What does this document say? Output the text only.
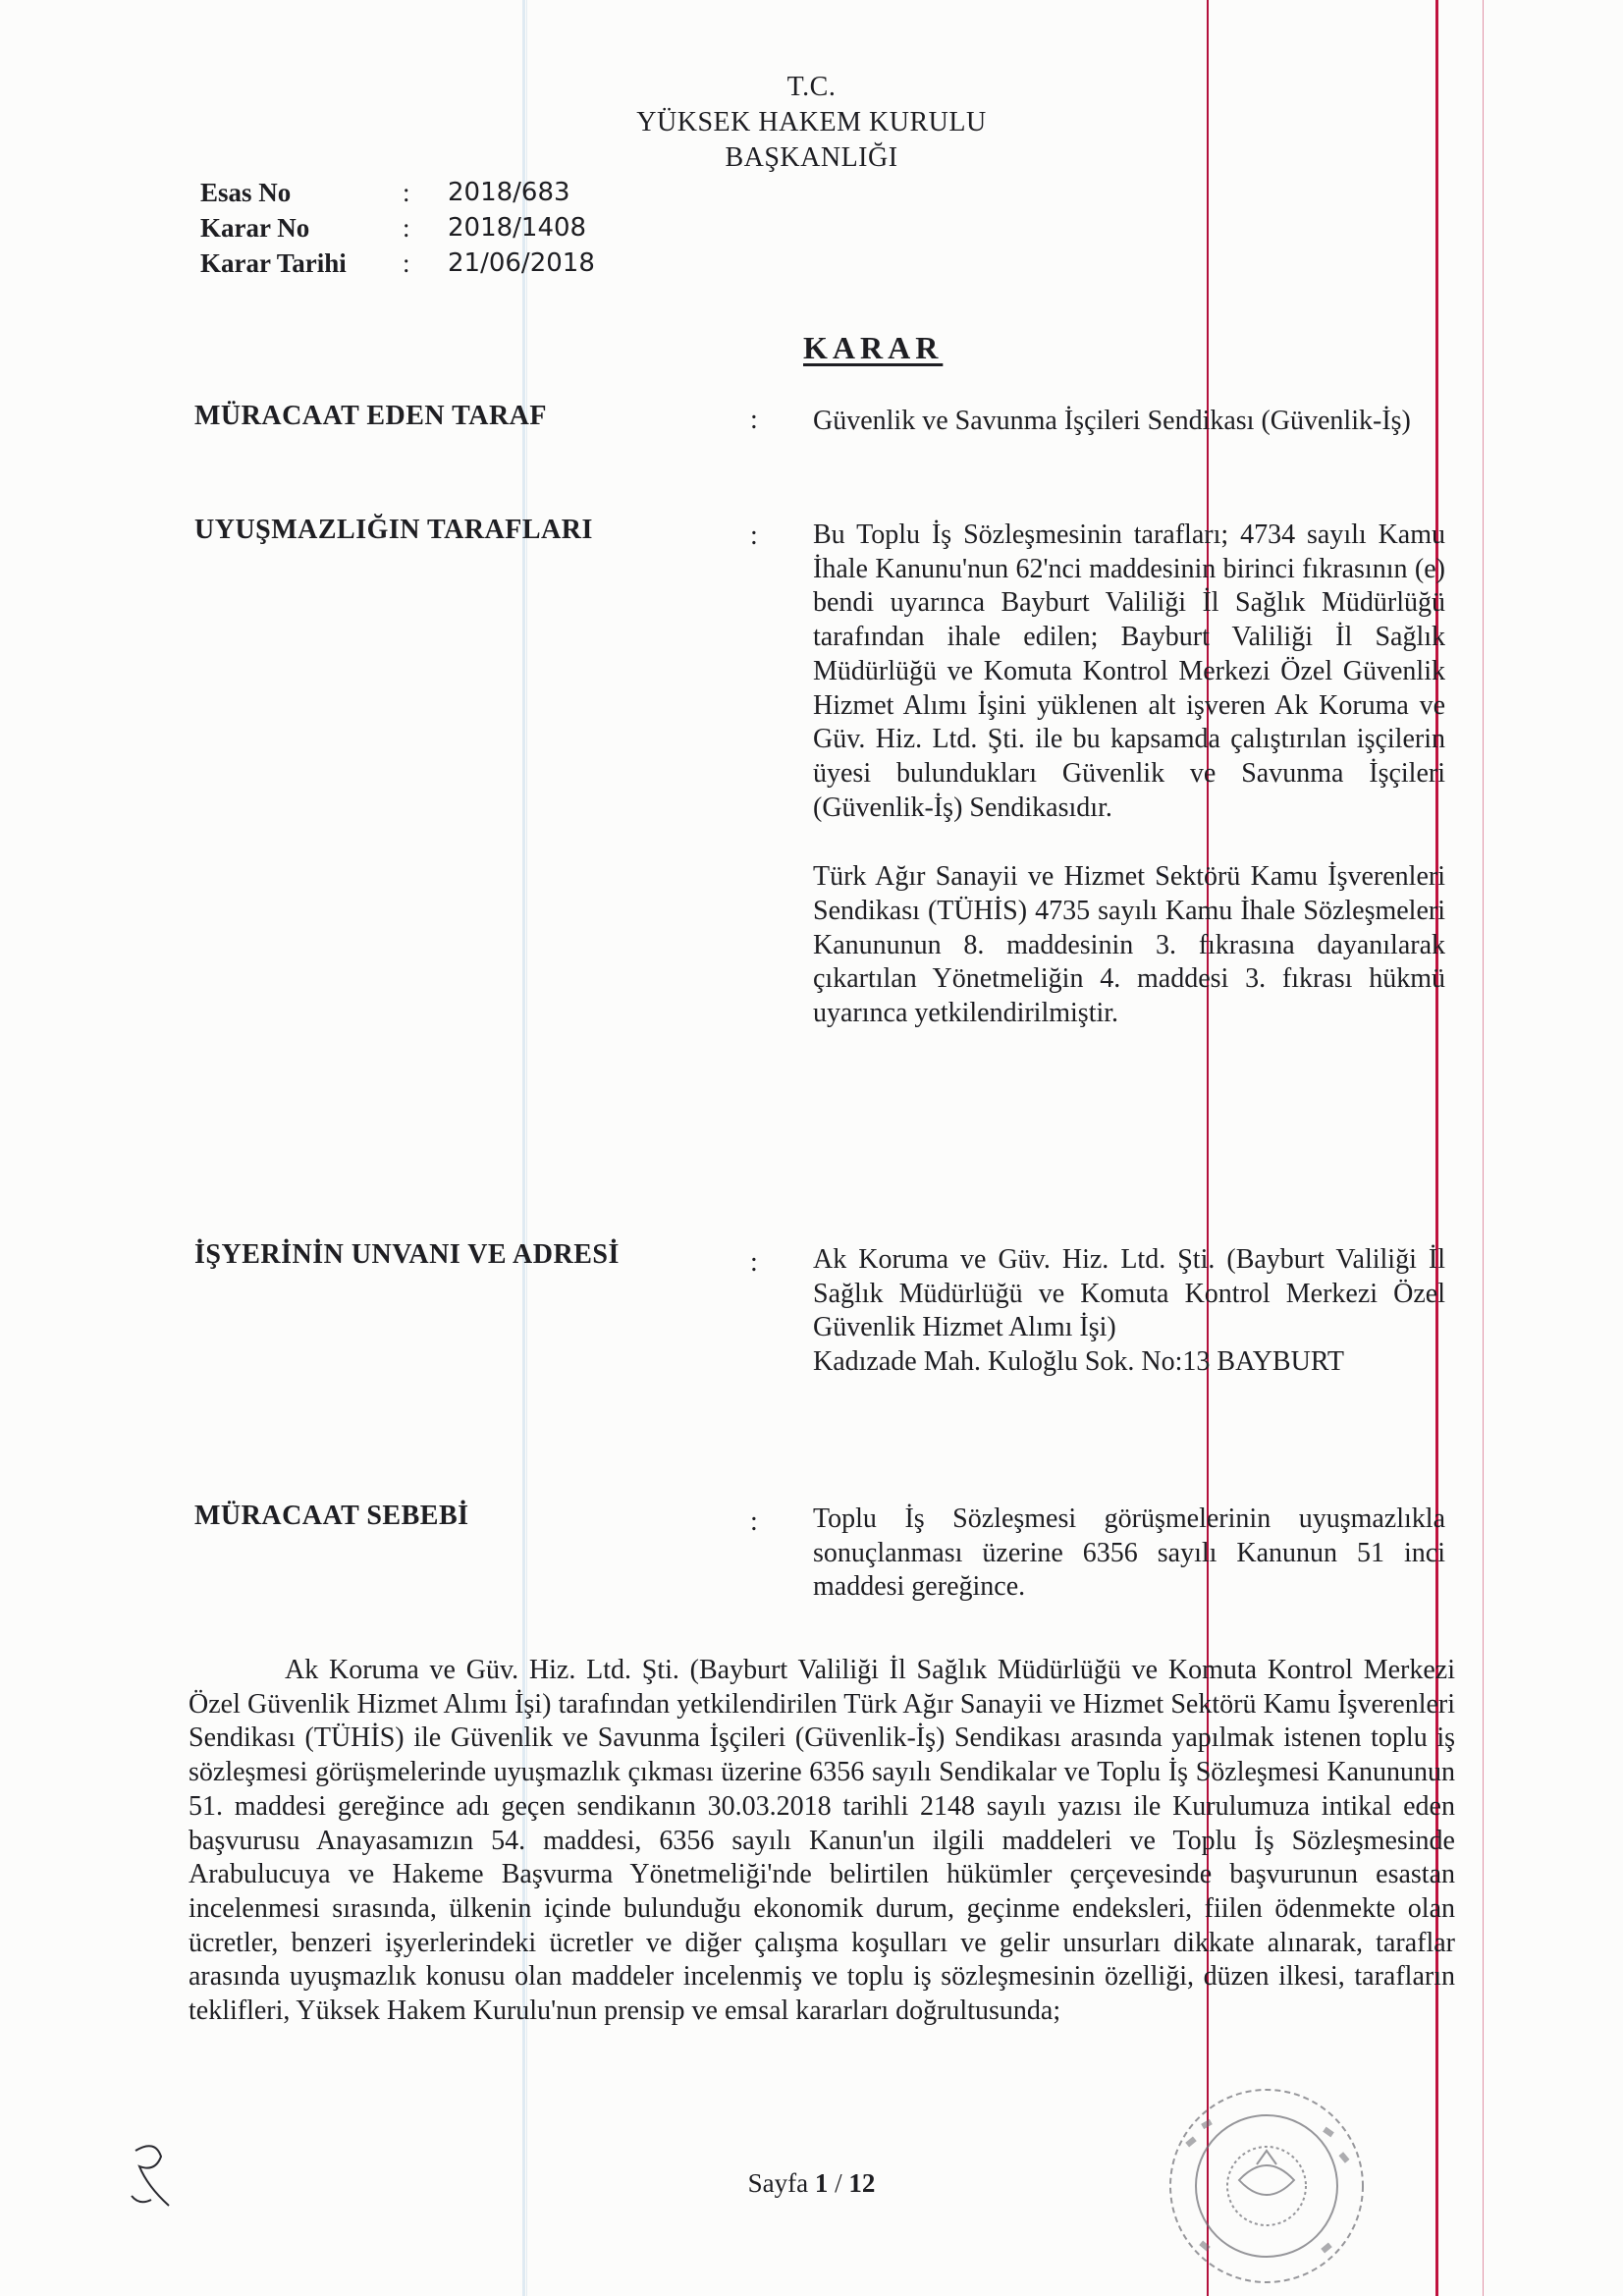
T.C.
YÜKSEK HAKEM KURULU
BAŞKANLIĞI
Esas No	: 2018/683
Karar No	: 2018/1408
Karar Tarihi : 21/06/2018
KARAR
MÜRACAAT EDEN TARAF	: Güvenlik ve Savunma İşçileri Sendikası (Güvenlik-İş)

UYUŞMAZLIĞIN TARAFLARI	: Bu Toplu İş Sözleşmesinin tarafları; 4734 sayılı Kamu İhale Kanunu'nun 62'nci maddesinin birinci fıkrasının (e) bendi uyarınca Bayburt Valiliği İl Sağlık Müdürlüğü tarafından ihale edilen; Bayburt Valiliği İl Sağlık Müdürlüğü ve Komuta Kontrol Merkezi Özel Güvenlik Hizmet Alımı İşini yüklenen alt işveren Ak Koruma ve Güv. Hiz. Ltd. Şti. ile bu kapsamda çalıştırılan işçilerin üyesi bulundukları Güvenlik ve Savunma İşçileri (Güvenlik-İş) Sendikasıdır.

Türk Ağır Sanayii ve Hizmet Sektörü Kamu İşverenleri Sendikası (TÜHİS) 4735 sayılı Kamu İhale Sözleşmeleri Kanununun 8. maddesinin 3. fıkrasına dayanılarak çıkartılan Yönetmeliğin 4. maddesi 3. fıkrası hükmü uyarınca yetkilendirilmiştir.

İŞYERİNİN UNVANI VE ADRESİ	: Ak Koruma ve Güv. Hiz. Ltd. Şti. (Bayburt Valiliği İl Sağlık Müdürlüğü ve Komuta Kontrol Merkezi Özel Güvenlik Hizmet Alımı İşi)

Kadızade Mah. Kuloğlu Sok. No:13 BAYBURT

MÜRACAAT SEBEBİ	: Toplu İş Sözleşmesi görüşmelerinin uyuşmazlıkla sonuçlanması üzerine 6356 sayılı Kanunun 51 inci maddesi gereğince.

Ak Koruma ve Güv. Hiz. Ltd. Şti. (Bayburt Valiliği İl Sağlık Müdürlüğü ve Komuta Kontrol Merkezi Özel Güvenlik Hizmet Alımı İşi) tarafından yetkilendirilen Türk Ağır Sanayii ve Hizmet Sektörü Kamu İşverenleri Sendikası (TÜHİS) ile Güvenlik ve Savunma İşçileri (Güvenlik-İş) Sendikası arasında yapılmak istenen toplu iş sözleşmesi görüşmelerinde uyuşmazlık çıkması üzerine 6356 sayılı Sendikalar ve Toplu İş Sözleşmesi Kanununun 51. maddesi gereğince adı geçen sendikanın 30.03.2018 tarihli 2148 sayılı yazısı ile Kurulumuza intikal eden başvurusu Anayasamızın 54. maddesi, 6356 sayılı Kanun'un ilgili maddeleri ve Toplu İş Sözleşmesinde Arabulucuya ve Hakeme Başvurma Yönetmeliği'nde belirtilen hükümler çerçevesinde başvurunun esastan incelenmesi sırasında, ülkenin içinde bulunduğu ekonomik durum, geçinme endeksleri, fiilen ödenmekte olan ücretler, benzeri işyerlerindeki ücretler ve diğer çalışma koşulları ve gelir unsurları dikkate alınarak, taraflar arasında uyuşmazlık konusu olan maddeler incelenmiş ve toplu iş sözleşmesinin özelliği, düzen ilkesi, tarafların teklifleri, Yüksek Hakem Kurulu'nun prensip ve emsal kararları doğrultusunda;

Sayfa 1 / 12
